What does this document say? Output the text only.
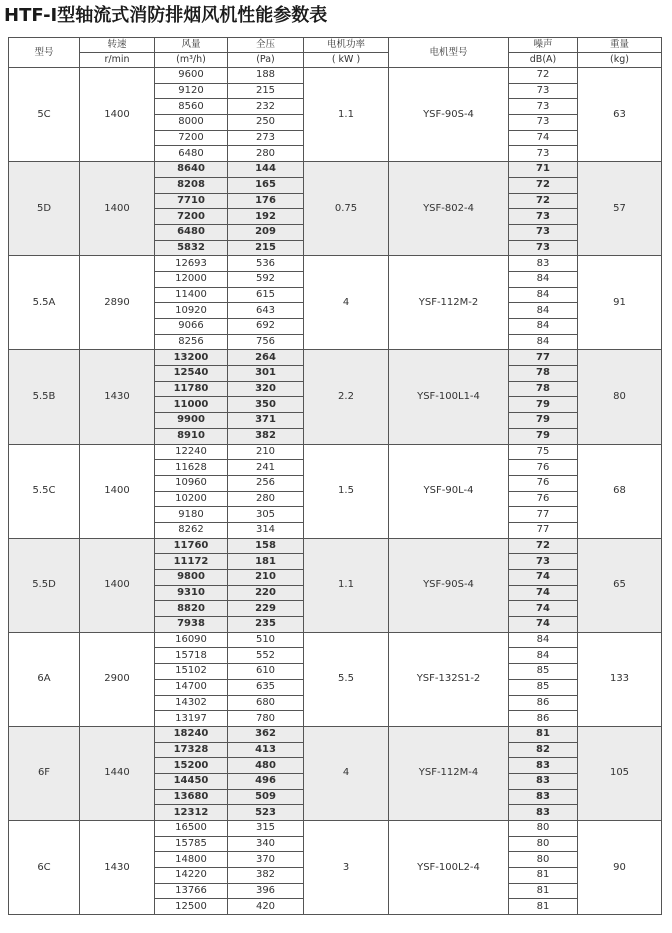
HTF-Ⅰ型轴流式消防排烟风机性能参数表
型号	转速	风量	全压	电机功率	电机型号	噪声	重量
	r/min	(m³/h)	(Pa)	( kW )		dB(A)	(kg)
5C	1400	9600	188	1.1	YSF-90S-4	72	63
		9120	215			73	
		8560	232			73	
		8000	250			73	
		7200	273			74	
		6480	280			73	
5D	1400	8640	144	0.75	YSF-802-4	71	57
		8208	165			72	
		7710	176			72	
		7200	192			73	
		6480	209			73	
		5832	215			73	
5.5A	2890	12693	536	4	YSF-112M-2	83	91
		12000	592			84	
		11400	615			84	
		10920	643			84	
		9066	692			84	
		8256	756			84	
5.5B	1430	13200	264	2.2	YSF-100L1-4	77	80
		12540	301			78	
		11780	320			78	
		11000	350			79	
		9900	371			79	
		8910	382			79	
5.5C	1400	12240	210	1.5	YSF-90L-4	75	68
		11628	241			76	
		10960	256			76	
		10200	280			76	
		9180	305			77	
		8262	314			77	
5.5D	1400	11760	158	1.1	YSF-90S-4	72	65
		11172	181			73	
		9800	210			74	
		9310	220			74	
		8820	229			74	
		7938	235			74	
6A	2900	16090	510	5.5	YSF-132S1-2	84	133
		15718	552			84	
		15102	610			85	
		14700	635			85	
		14302	680			86	
		13197	780			86	
6F	1440	18240	362	4	YSF-112M-4	81	105
		17328	413			82	
		15200	480			83	
		14450	496			83	
		13680	509			83	
		12312	523			83	
6C	1430	16500	315	3	YSF-100L2-4	80	90
		15785	340			80	
		14800	370			80	
		14220	382			81	
		13766	396			81	
		12500	420			81	
